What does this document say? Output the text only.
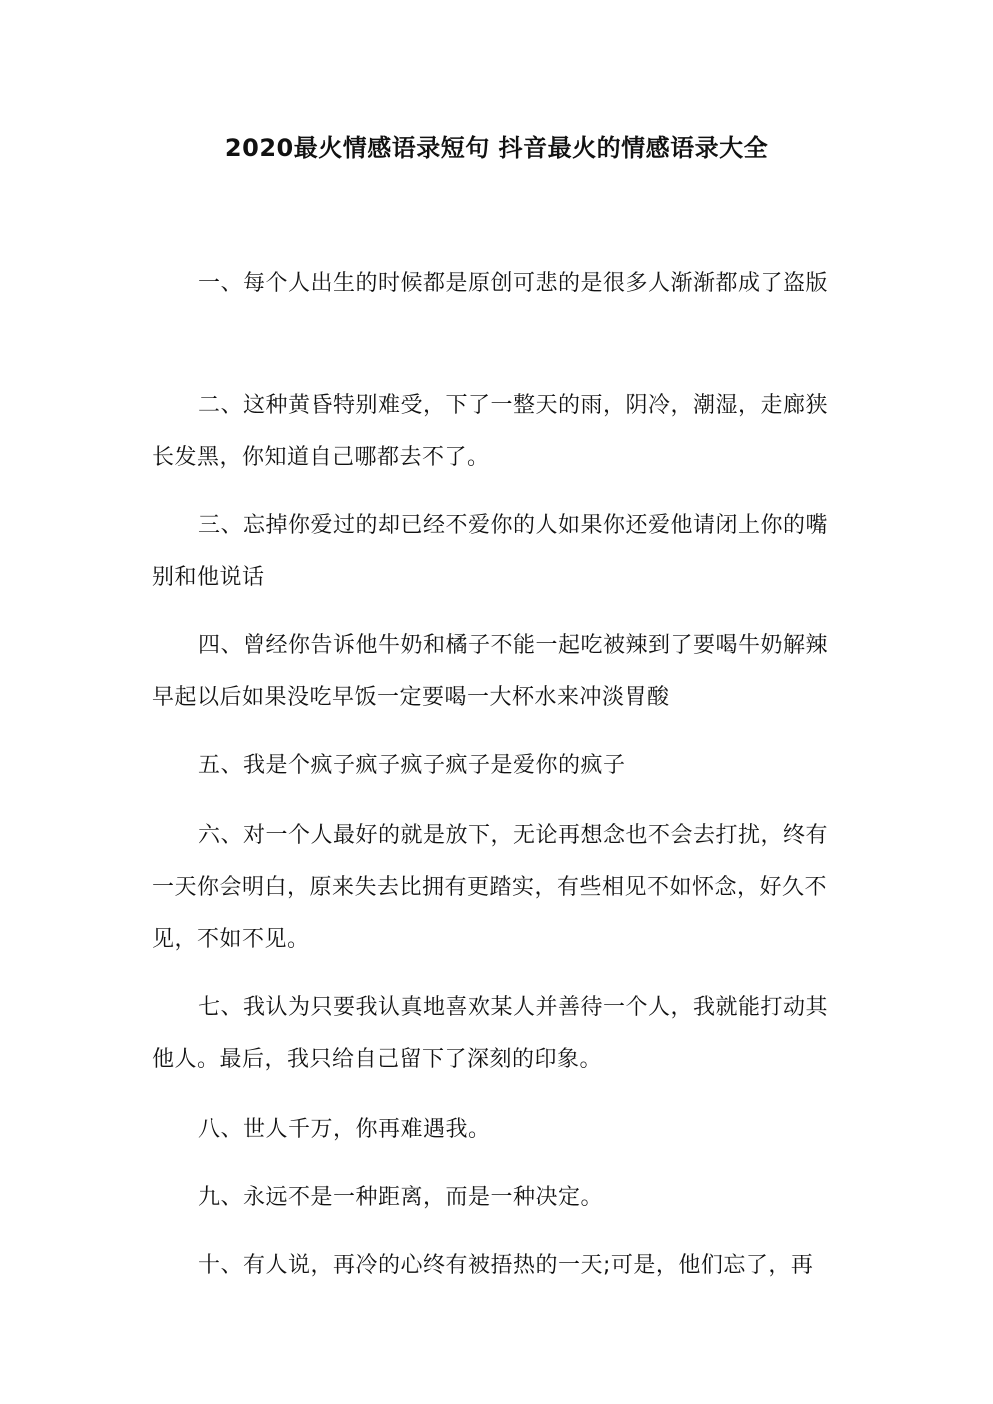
2020最火情感语录短句 抖音最火的情感语录大全

一、每个人出生的时候都是原创可悲的是很多人渐渐都成了盗版

二、这种黄昏特别难受，下了一整天的雨，阴冷，潮湿，走廊狭长发黑，你知道自己哪都去不了。

三、忘掉你爱过的却已经不爱你的人如果你还爱他请闭上你的嘴别和他说话

四、曾经你告诉他牛奶和橘子不能一起吃被辣到了要喝牛奶解辣早起以后如果没吃早饭一定要喝一大杯水来冲淡胃酸

五、我是个疯子疯子疯子疯子是爱你的疯子

六、对一个人最好的就是放下，无论再想念也不会去打扰，终有一天你会明白，原来失去比拥有更踏实，有些相见不如怀念，好久不见，不如不见。

七、我认为只要我认真地喜欢某人并善待一个人，我就能打动其他人。最后，我只给自己留下了深刻的印象。

八、世人千万，你再难遇我。

九、永远不是一种距离，而是一种决定。

十、有人说，再冷的心终有被捂热的一天;可是，他们忘了，再
